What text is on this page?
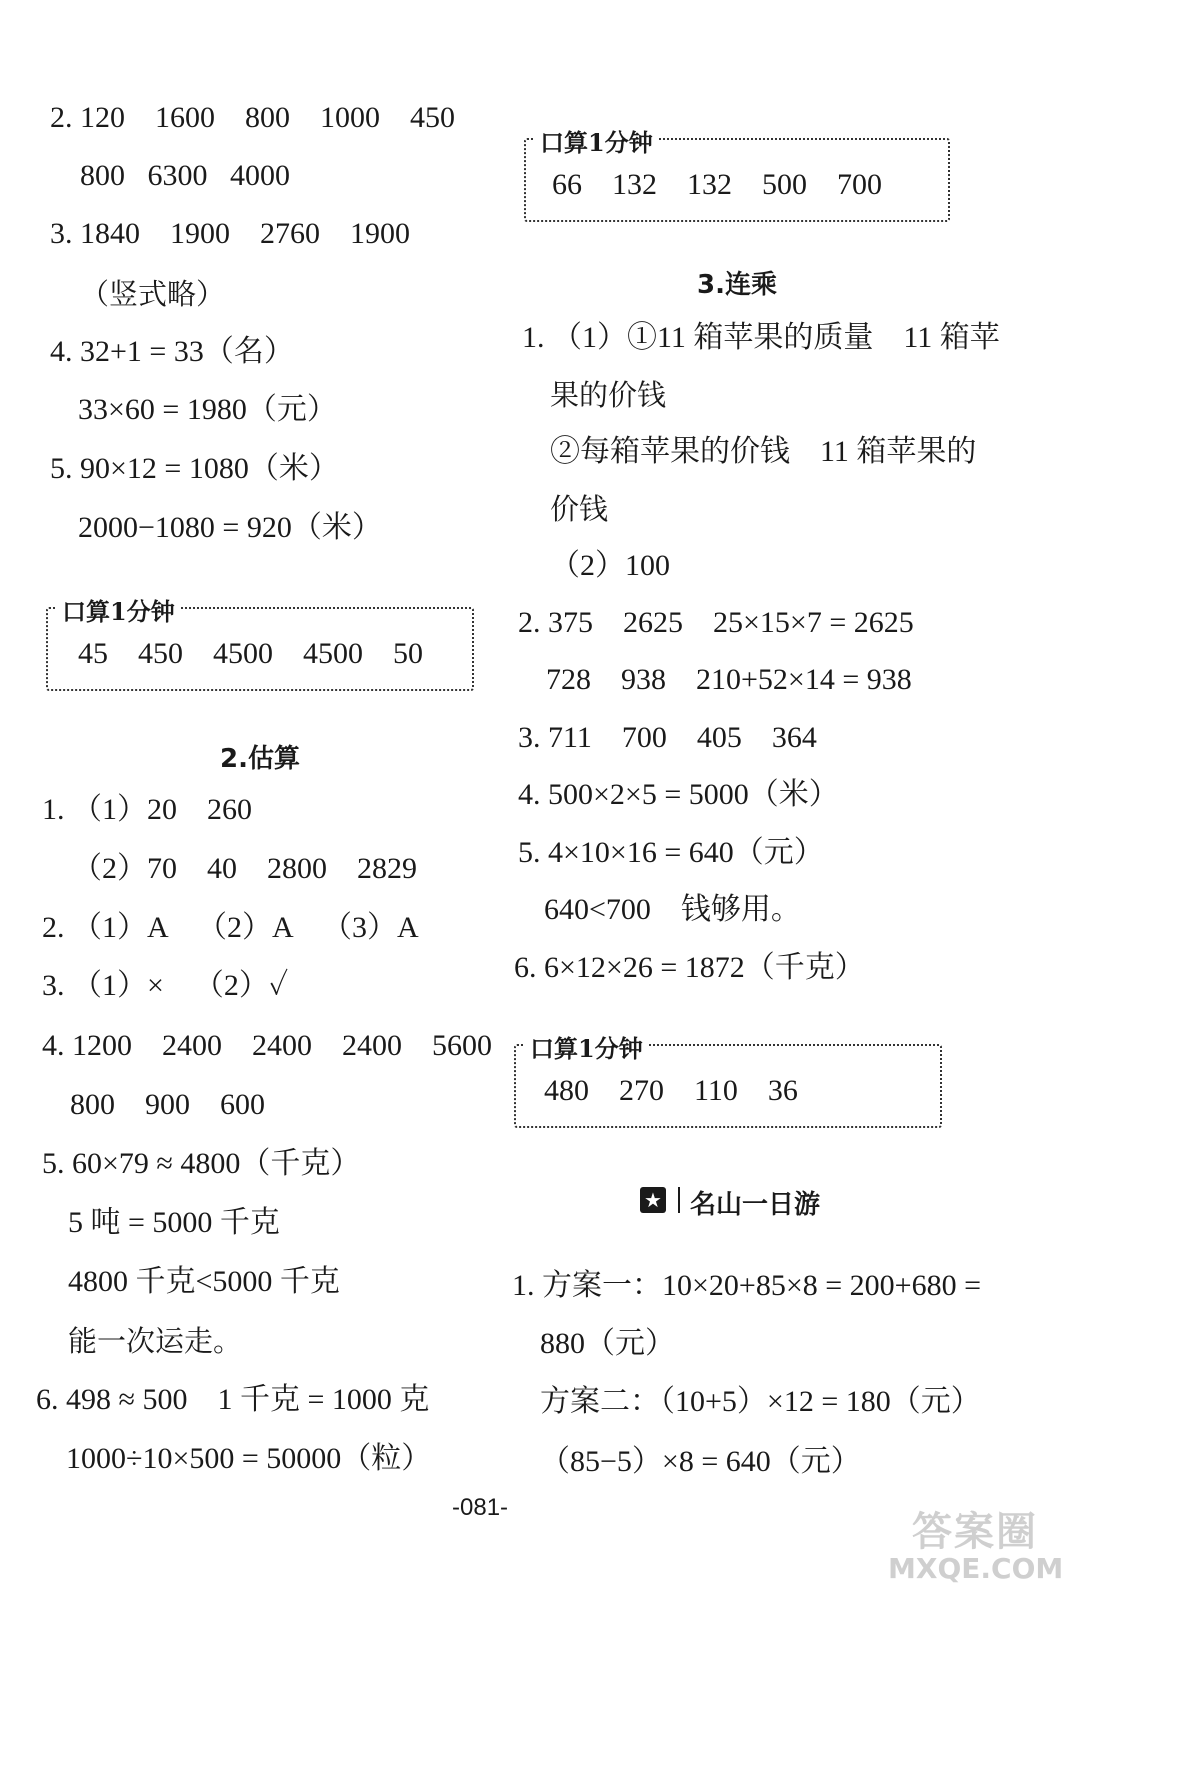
2. 120    1600    800    1000    450
800   6300   4000
3. 1840    1900    2760    1900
（竖式略）
4. 32+1 = 33（名）
33×60 = 1980（元）
5. 90×12 = 1080（米）
2000−1080 = 920（米）
口算1分钟
45    450    4500    4500    50
2.估算
1. （1）20    260
（2）70    40    2800    2829
2. （1）A    （2）A    （3）A
3. （1）×    （2）✓
4. 1200    2400    2400    2400    5600
800    900    600
5. 60×79 ≈ 4800（千克）
5 吨 = 5000 千克
4800 千克<5000 千克
能一次运走。
6. 498 ≈ 500    1 千克 = 1000 克
1000÷10×500 = 50000（粒）
口算1分钟
66    132    132    500    700
3.连乘
1. （1）①11 箱苹果的质量    11 箱苹
果的价钱
②每箱苹果的价钱    11 箱苹果的
价钱
（2）100
2. 375    2625    25×15×7 = 2625
728    938    210+52×14 = 938
3. 711    700    405    364
4. 500×2×5 = 5000（米）
5. 4×10×16 = 640（元）
640<700    钱够用。
6. 6×12×26 = 1872（千克）
口算1分钟
480    270    110    36
★ 名山一日游
1. 方案一：10×20+85×8 = 200+680 =
880（元）
方案二：（10+5）×12 = 180（元）
（85−5）×8 = 640（元）
-081-
答案圈
MXQE.COM
